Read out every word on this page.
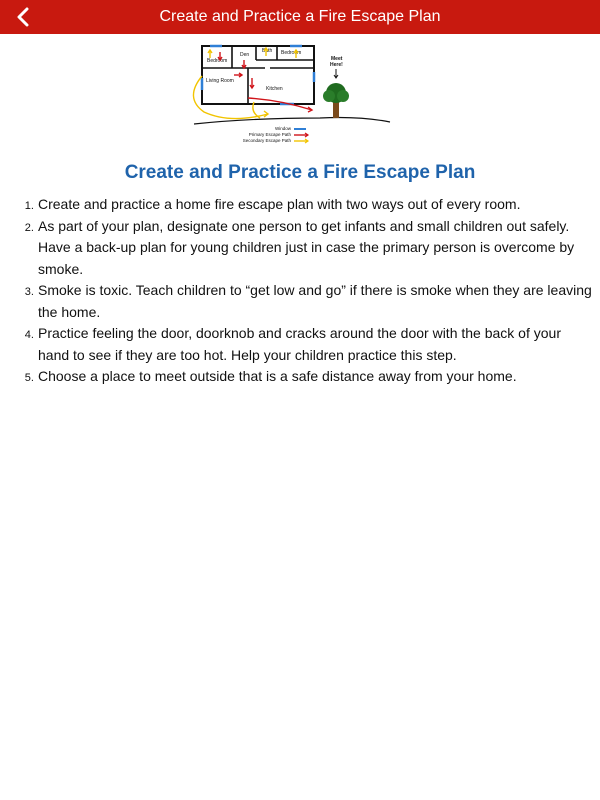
Create and Practice a Fire Escape Plan
Bedroom
Den
Bath Bedroom
Living Room
Kitchen
Meet
Here!
Window
Primary Escape Path
Secondary Escape Path
Create and Practice a Fire Escape Plan
1. Create and practice a home fire escape plan with two ways out of every room.
2. As part of your plan, designate one person to get infants and small children out safely. Have a back-up plan for young children just in case the primary person is overcome by smoke.
3. Smoke is toxic. Teach children to “get low and go” if there is smoke when they are leaving the home.
4. Practice feeling the door, doorknob and cracks around the door with the back of your hand to see if they are too hot. Help your children practice this step.
5. Choose a place to meet outside that is a safe distance away from your home.
